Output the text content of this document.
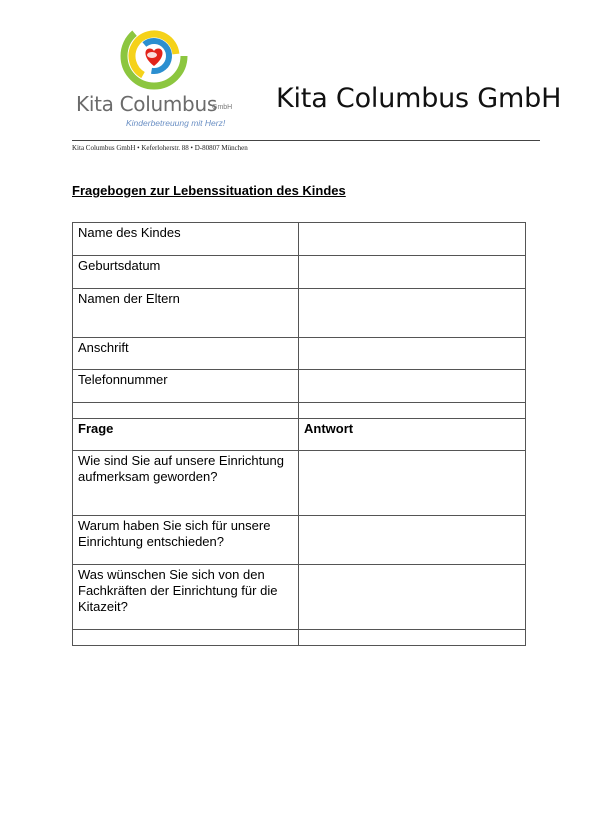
Kita Columbus
GmbH
Kinderbetreuung mit Herz!
Kita Columbus GmbH
Kita Columbus GmbH • Keferloherstr. 88 • D-80807 München
Fragebogen zur Lebenssituation des Kindes
Name des Kindes	
Geburtsdatum	
Namen der Eltern	
Anschrift	
Telefonnummer	

Frage	Antwort
Wie sind Sie auf unsere Einrichtung aufmerksam geworden?	
Warum haben Sie sich für unsere Einrichtung entschieden?	
Was wünschen Sie sich von den Fachkräften der Einrichtung für die Kitazeit?	
